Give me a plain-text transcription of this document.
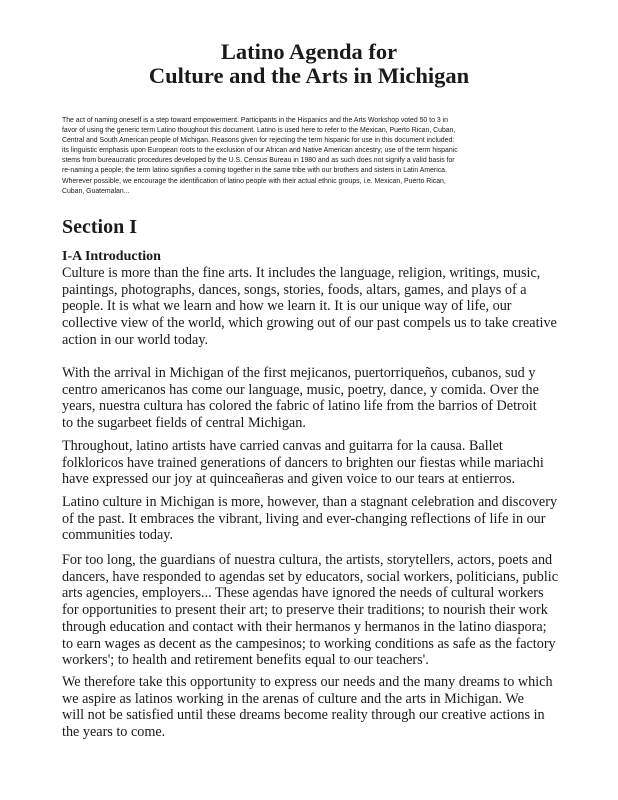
Latino Agenda for
Culture and the Arts in Michigan
The act of naming oneself is a step toward empowerment. Participants in the Hispanics and the Arts Workshop voted 50 to 3 in
favor of using the generic term Latino thoughout this document. Latino is used here to refer to the Mexican, Puerto Rican, Cuban,
Central and South American people of Michigan. Reasons given for rejecting the term hispanic for use in this document included:
its linguistic emphasis upon European roots to the exclusion of our African and Native American ancestry; use of the term hispanic
stems from bureaucratic procedures developed by the U.S. Census Bureau in 1980 and as such does not signify a valid basis for
re-naming a people; the term latino signifies a coming together in the same tribe with our brothers and sisters in Latin America.
Wherever possible, we encourage the identification of latino people with their actual ethnic groups, i.e. Mexican, Puerto Rican,
Cuban, Guatemalan...
Section I
I-A Introduction
Culture is more than the fine arts. It includes the language, religion, writings, music,
paintings, photographs, dances, songs, stories, foods, altars, games, and plays of a
people. It is what we learn and how we learn it. It is our unique way of life, our
collective view of the world, which growing out of our past compels us to take creative
action in our world today.
With the arrival in Michigan of the first mejicanos, puertorriqueños, cubanos, sud y
centro americanos has come our language, music, poetry, dance, y comida. Over the
years, nuestra cultura has colored the fabric of latino life from the barrios of Detroit
to the sugarbeet fields of central Michigan.
Throughout, latino artists have carried canvas and guitarra for la causa. Ballet
folkloricos have trained generations of dancers to brighten our fiestas while mariachi
have expressed our joy at quinceañeras and given voice to our tears at entierros.
Latino culture in Michigan is more, however, than a stagnant celebration and discovery
of the past. It embraces the vibrant, living and ever-changing reflections of life in our
communities today.
For too long, the guardians of nuestra cultura, the artists, storytellers, actors, poets and
dancers, have responded to agendas set by educators, social workers, politicians, public
arts agencies, employers... These agendas have ignored the needs of cultural workers
for opportunities to present their art; to preserve their traditions; to nourish their work
through education and contact with their hermanos y hermanos in the latino diaspora;
to earn wages as decent as the campesinos; to working conditions as safe as the factory
workers'; to health and retirement benefits equal to our teachers'.
We therefore take this opportunity to express our needs and the many dreams to which
we aspire as latinos working in the arenas of culture and the arts in Michigan. We
will not be satisfied until these dreams become reality through our creative actions in
the years to come.
